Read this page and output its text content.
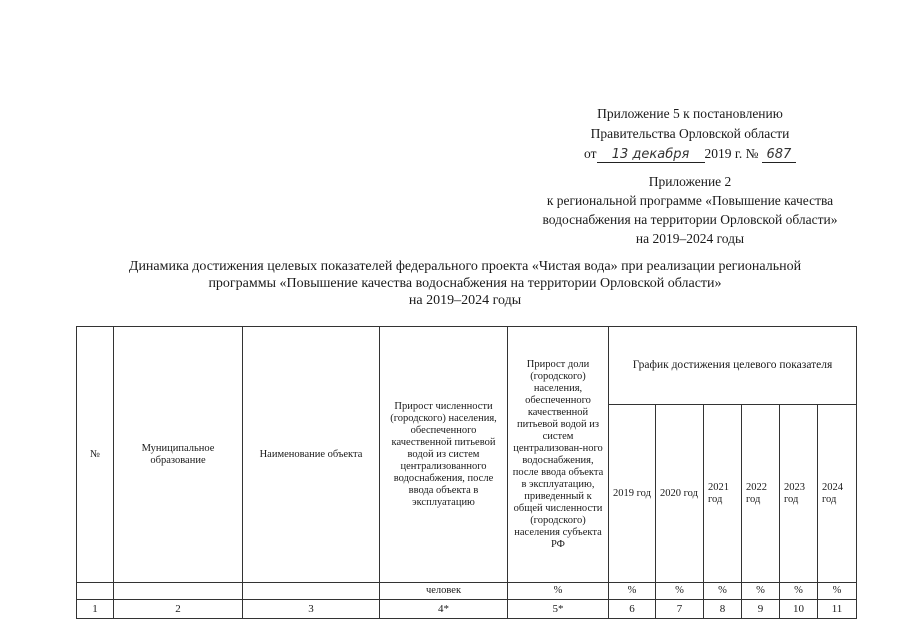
Приложение 5 к постановлению
Правительства Орловской области
от 13 декабря 2019 г. № 687
Приложение 2
к региональной программе «Повышение качества
водоснабжения на территории Орловской области»
на 2019–2024 годы
Динамика достижения целевых показателей федерального проекта «Чистая вода» при реализации региональной
программы «Повышение качества водоснабжения на территории Орловской области»
на 2019–2024 годы
№	Муниципальное образование	Наименование объекта	Прирост численности (городского) населения, обеспеченного качественной питьевой водой из систем централизованного водоснабжения, после ввода объекта в эксплуатацию	Прирост доли (городского) населения, обеспеченного качественной питьевой водой из систем централизован-ного водоснабжения, после ввода объекта в эксплуатацию, приведенный к общей численности (городского) населения субъекта РФ	График достижения целевого показателя					
					2019 год	2020 год	2021 год	2022 год	2023 год	2024 год
			человек	%	%	%	%	%	%	%
1	2	3	4*	5*	6	7	8	9	10	11
